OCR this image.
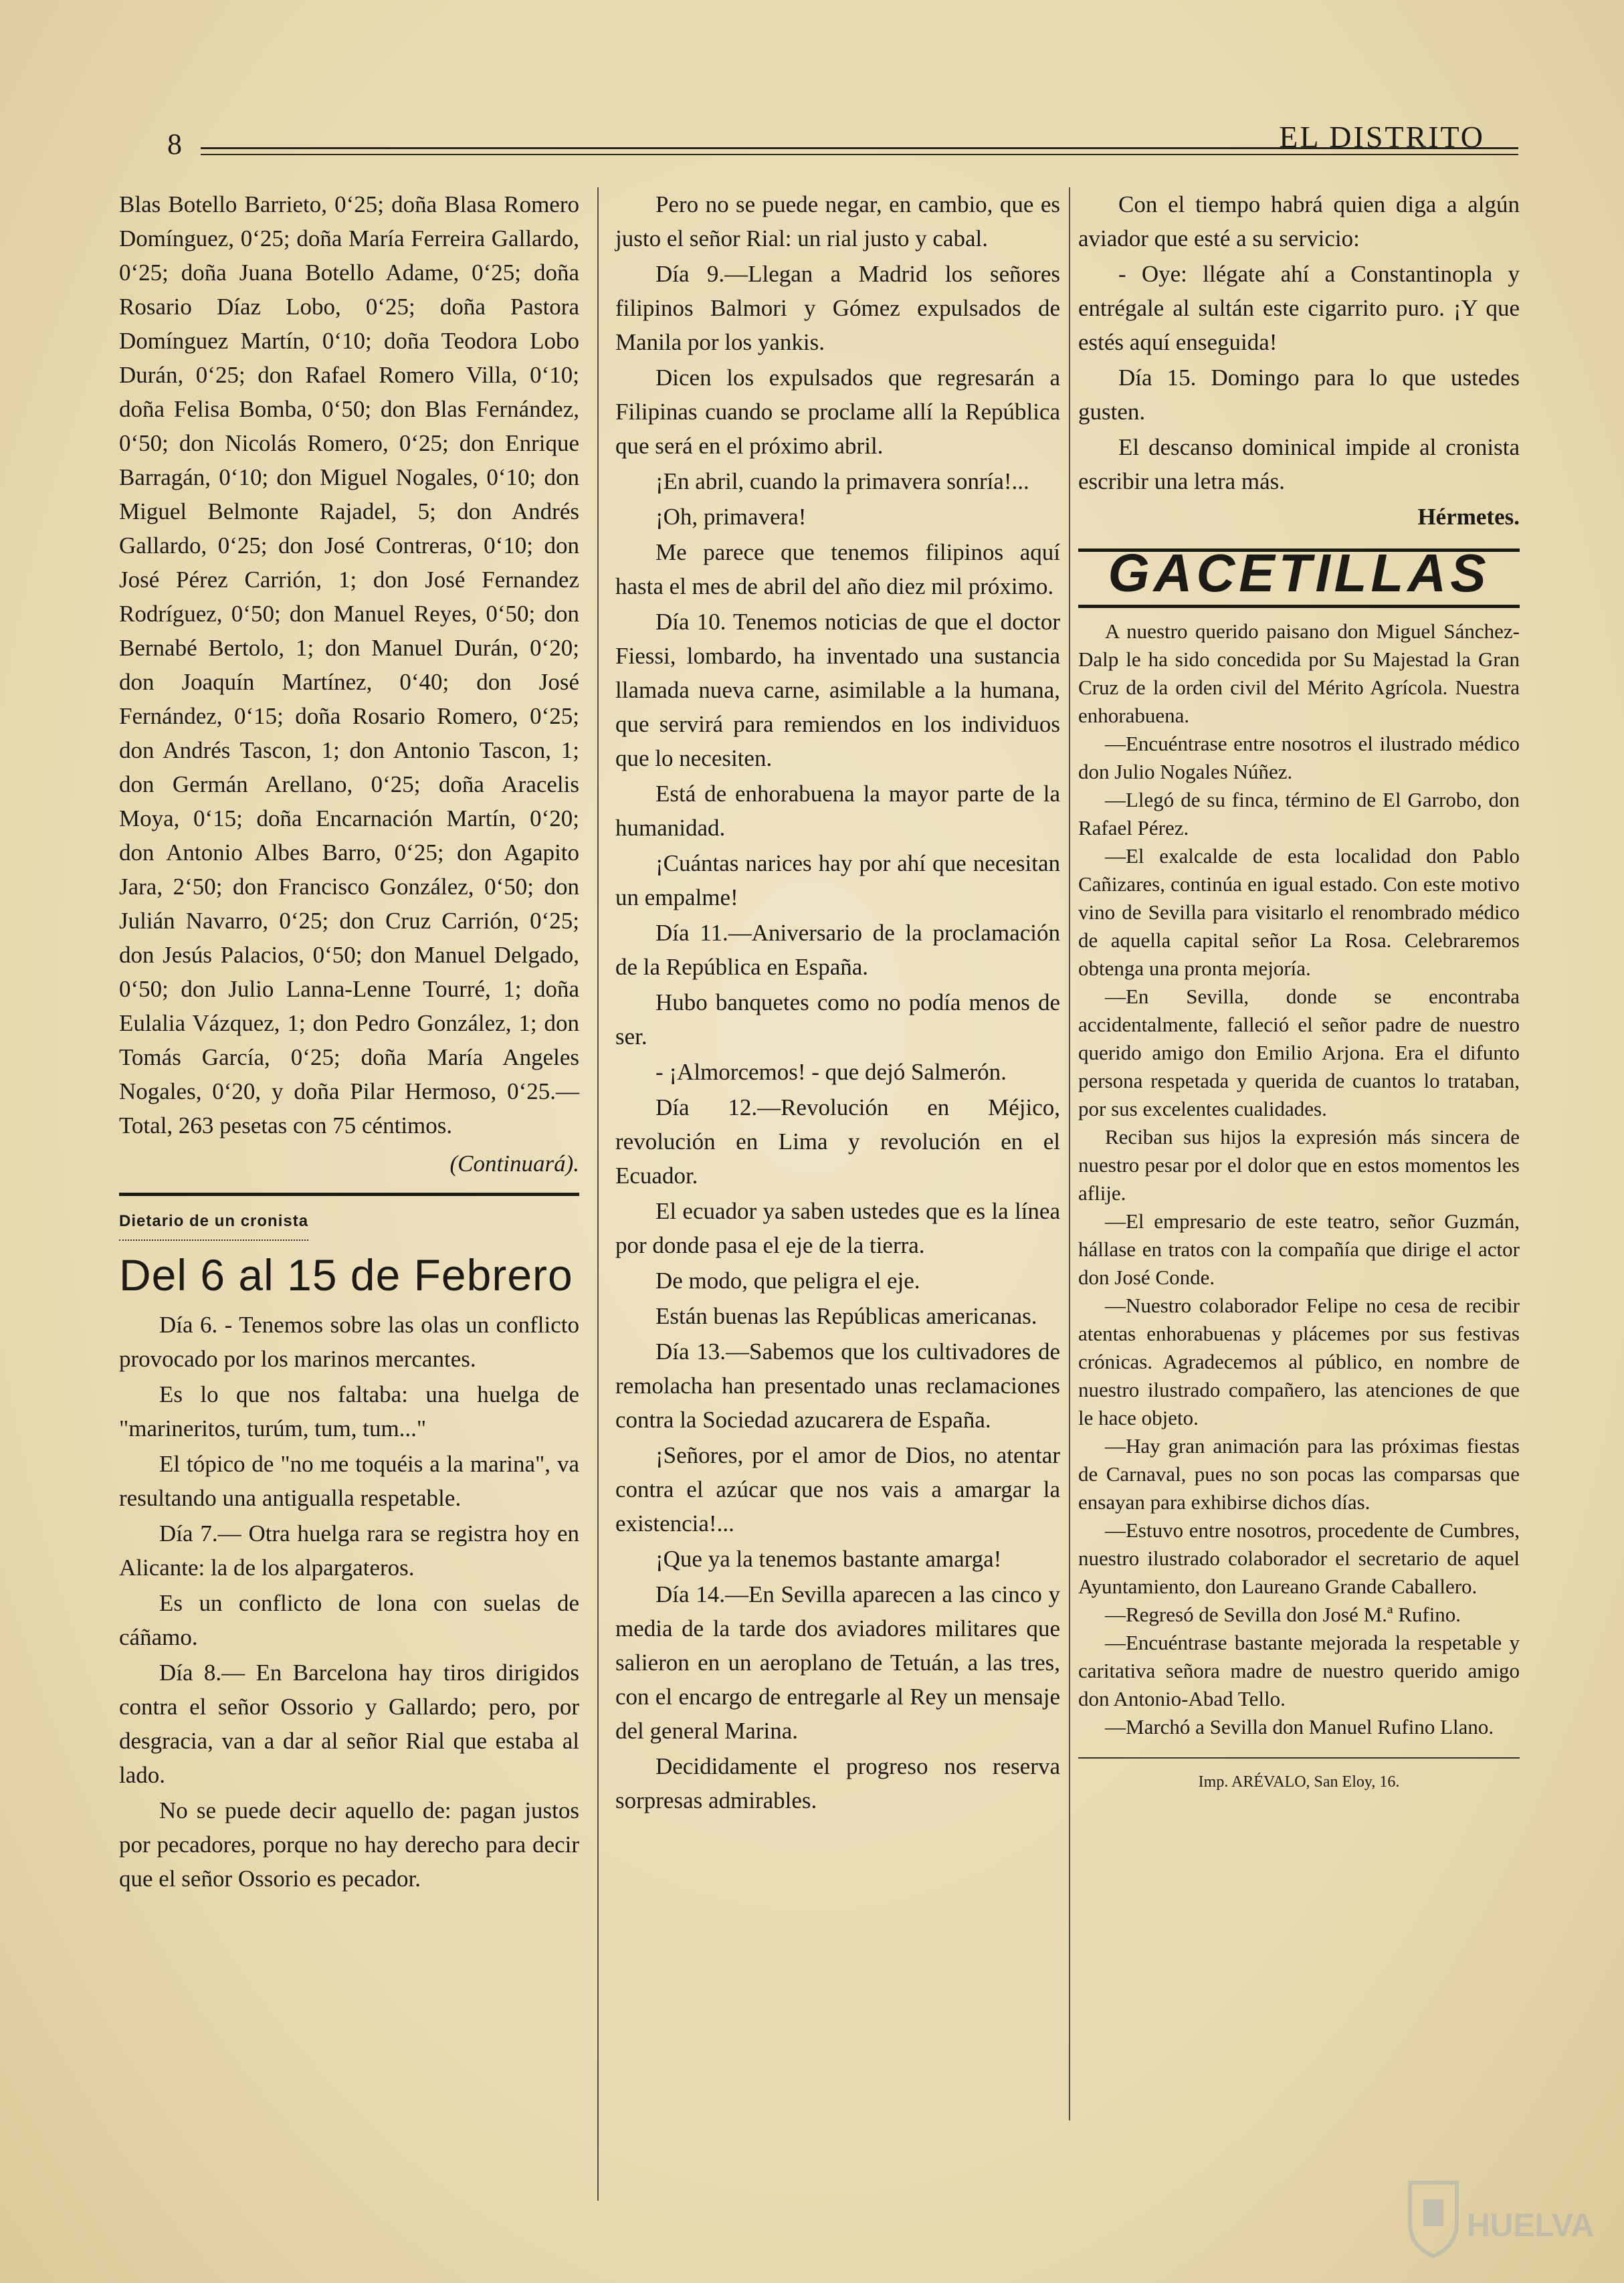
8	EL DISTRITO

Blas Botello Barrieto, 0‘25; doña Blasa Romero Domínguez, 0‘25; doña María Ferreira Gallardo, 0‘25; doña Juana Botello Adame, 0‘25; doña Rosario Díaz Lobo, 0‘25; doña Pastora Domínguez Martín, 0‘10; doña Teodora Lobo Durán, 0‘25; don Rafael Romero Villa, 0‘10; doña Felisa Bomba, 0‘50; don Blas Fernández, 0‘50; don Nicolás Romero, 0‘25; don Enrique Barragán, 0‘10; don Miguel Nogales, 0‘10; don Miguel Belmonte Rajadel, 5; don Andrés Gallardo, 0‘25; don José Contreras, 0‘10; don José Pérez Carrión, 1; don José Fernandez Rodríguez, 0‘50; don Manuel Reyes, 0‘50; don Bernabé Bertolo, 1; don Manuel Durán, 0‘20; don Joaquín Martínez, 0‘40; don José Fernández, 0‘15; doña Rosario Romero, 0‘25; don Andrés Tascon, 1; don Antonio Tascon, 1; don Germán Arellano, 0‘25; doña Aracelis Moya, 0‘15; doña Encarnación Martín, 0‘20; don Antonio Albes Barro, 0‘25; don Agapito Jara, 2‘50; don Francisco González, 0‘50; don Julián Navarro, 0‘25; don Cruz Carrión, 0‘25; don Jesús Palacios, 0‘50; don Manuel Delgado, 0‘50; don Julio Lanna-Lenne Tourré, 1; doña Eulalia Vázquez, 1; don Pedro González, 1; don Tomás García, 0‘25; doña María Angeles Nogales, 0‘20, y doña Pilar Hermoso, 0‘25.—Total, 263 pesetas con 75 céntimos.

(Continuará).

Dietario de un cronista
Del 6 al 15 de Febrero

Día 6. - Tenemos sobre las olas un conflicto provocado por los marinos mercantes.

Es lo que nos faltaba: una huelga de "marineritos, turúm, tum, tum..."

El tópico de "no me toquéis a la marina", va resultando una antigualla respetable.

Día 7.— Otra huelga rara se registra hoy en Alicante: la de los alpargateros.

Es un conflicto de lona con suelas de cáñamo.

Día 8.— En Barcelona hay tiros dirigidos contra el señor Ossorio y Gallardo; pero, por desgracia, van a dar al señor Rial que estaba al lado.

No se puede decir aquello de: pagan justos por pecadores, porque no hay derecho para decir que el señor Ossorio es pecador.

Pero no se puede negar, en cambio, que es justo el señor Rial: un rial justo y cabal.

Día 9.—Llegan a Madrid los señores filipinos Balmori y Gómez expulsados de Manila por los yankis.

Dicen los expulsados que regresarán a Filipinas cuando se proclame allí la República que será en el próximo abril.

¡En abril, cuando la primavera sonría!...

¡Oh, primavera!

Me parece que tenemos filipinos aquí hasta el mes de abril del año diez mil próximo.

Día 10. Tenemos noticias de que el doctor Fiessi, lombardo, ha inventado una sustancia llamada nueva carne, asimilable a la humana, que servirá para remiendos en los individuos que lo necesiten.

Está de enhorabuena la mayor parte de la humanidad.

¡Cuántas narices hay por ahí que necesitan un empalme!

Día 11.—Aniversario de la proclamación de la República en España.

Hubo banquetes como no podía menos de ser.

- ¡Almorcemos! - que dejó Salmerón.

Día 12.—Revolución en Méjico, revolución en Lima y revolución en el Ecuador.

El ecuador ya saben ustedes que es la línea por donde pasa el eje de la tierra.

De modo, que peligra el eje.

Están buenas las Repúblicas americanas.

Día 13.—Sabemos que los cultivadores de remolacha han presentado unas reclamaciones contra la Sociedad azucarera de España.

¡Señores, por el amor de Dios, no atentar contra el azúcar que nos vais a amargar la existencia!...

¡Que ya la tenemos bastante amarga!

Día 14.—En Sevilla aparecen a las cinco y media de la tarde dos aviadores militares que salieron en un aeroplano de Tetuán, a las tres, con el encargo de entregarle al Rey un mensaje del general Marina.

Decididamente el progreso nos reserva sorpresas admirables.

Con el tiempo habrá quien diga a algún aviador que esté a su servicio:

- Oye: llégate ahí a Constantinopla y entrégale al sultán este cigarrito puro. ¡Y que estés aquí enseguida!

Día 15. Domingo para lo que ustedes gusten.

El descanso dominical impide al cronista escribir una letra más.

Hérmetes.

GACETILLAS

A nuestro querido paisano don Miguel Sánchez-Dalp le ha sido concedida por Su Majestad la Gran Cruz de la orden civil del Mérito Agrícola. Nuestra enhorabuena.

—Encuéntrase entre nosotros el ilustrado médico don Julio Nogales Núñez.

—Llegó de su finca, término de El Garrobo, don Rafael Pérez.

—El exalcalde de esta localidad don Pablo Cañizares, continúa en igual estado. Con este motivo vino de Sevilla para visitarlo el renombrado médico de aquella capital señor La Rosa. Celebraremos obtenga una pronta mejoría.

—En Sevilla, donde se encontraba accidentalmente, falleció el señor padre de nuestro querido amigo don Emilio Arjona. Era el difunto persona respetada y querida de cuantos lo trataban, por sus excelentes cualidades.

Reciban sus hijos la expresión más sincera de nuestro pesar por el dolor que en estos momentos les aflije.

—El empresario de este teatro, señor Guzmán, hállase en tratos con la compañía que dirige el actor don José Conde.

—Nuestro colaborador Felipe no cesa de recibir atentas enhorabuenas y plácemes por sus festivas crónicas. Agradecemos al público, en nombre de nuestro ilustrado compañero, las atenciones de que le hace objeto.

—Hay gran animación para las próximas fiestas de Carnaval, pues no son pocas las comparsas que ensayan para exhibirse dichos días.

—Estuvo entre nosotros, procedente de Cumbres, nuestro ilustrado colaborador el secretario de aquel Ayuntamiento, don Laureano Grande Caballero.

—Regresó de Sevilla don José M.ª Rufino.

—Encuéntrase bastante mejorada la respetable y caritativa señora madre de nuestro querido amigo don Antonio-Abad Tello.

—Marchó a Sevilla don Manuel Rufino Llano.

Imp. ARÉVALO, San Eloy, 16.
HUELVA
